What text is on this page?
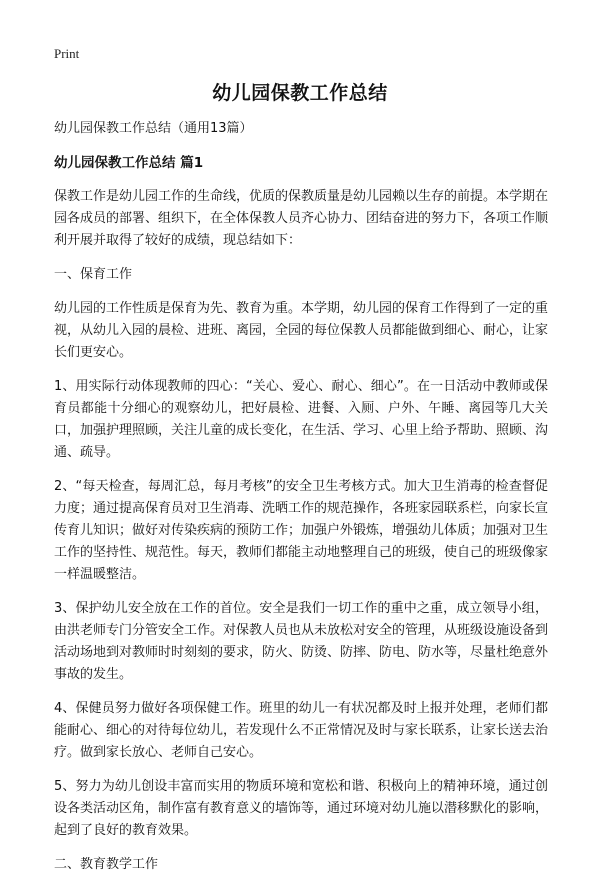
Print
幼儿园保教工作总结

幼儿园保教工作总结（通用13篇）

幼儿园保教工作总结 篇1

保教工作是幼儿园工作的生命线，优质的保教质量是幼儿园赖以生存的前提。本学期在园各成员的部署、组织下，在全体保教人员齐心协力、团结奋进的努力下，各项工作顺利开展并取得了较好的成绩，现总结如下：

一、保育工作

幼儿园的工作性质是保育为先、教育为重。本学期，幼儿园的保育工作得到了一定的重视，从幼儿入园的晨检、进班、离园，全园的每位保教人员都能做到细心、耐心，让家长们更安心。

1、用实际行动体现教师的四心：“关心、爱心、耐心、细心”。在一日活动中教师或保育员都能十分细心的观察幼儿，把好晨检、进餐、入厕、户外、午睡、离园等几大关口，加强护理照顾，关注儿童的成长变化，在生活、学习、心里上给予帮助、照顾、沟通、疏导。

2、“每天检查，每周汇总，每月考核”的安全卫生考核方式。加大卫生消毒的检查督促力度；通过提高保育员对卫生消毒、洗晒工作的规范操作，各班家园联系栏，向家长宣传育儿知识；做好对传染疾病的预防工作；加强户外锻炼，增强幼儿体质；加强对卫生工作的坚持性、规范性。每天，教师们都能主动地整理自己的班级，使自己的班级像家一样温暖整洁。

3、保护幼儿安全放在工作的首位。安全是我们一切工作的重中之重，成立领导小组，由洪老师专门分管安全工作。对保教人员也从未放松对安全的管理，从班级设施设备到活动场地到对教师时时刻刻的要求，防火、防烫、防摔、防电、防水等，尽量杜绝意外事故的发生。

4、保健员努力做好各项保健工作。班里的幼儿一有状况都及时上报并处理，老师们都能耐心、细心的对待每位幼儿，若发现什么不正常情况及时与家长联系，让家长送去治疗。做到家长放心、老师自己安心。

5、努力为幼儿创设丰富而实用的物质环境和宽松和谐、积极向上的精神环境，通过创设各类活动区角，制作富有教育意义的墙饰等，通过环境对幼儿施以潜移默化的影响，起到了良好的教育效果。

二、教育教学工作
